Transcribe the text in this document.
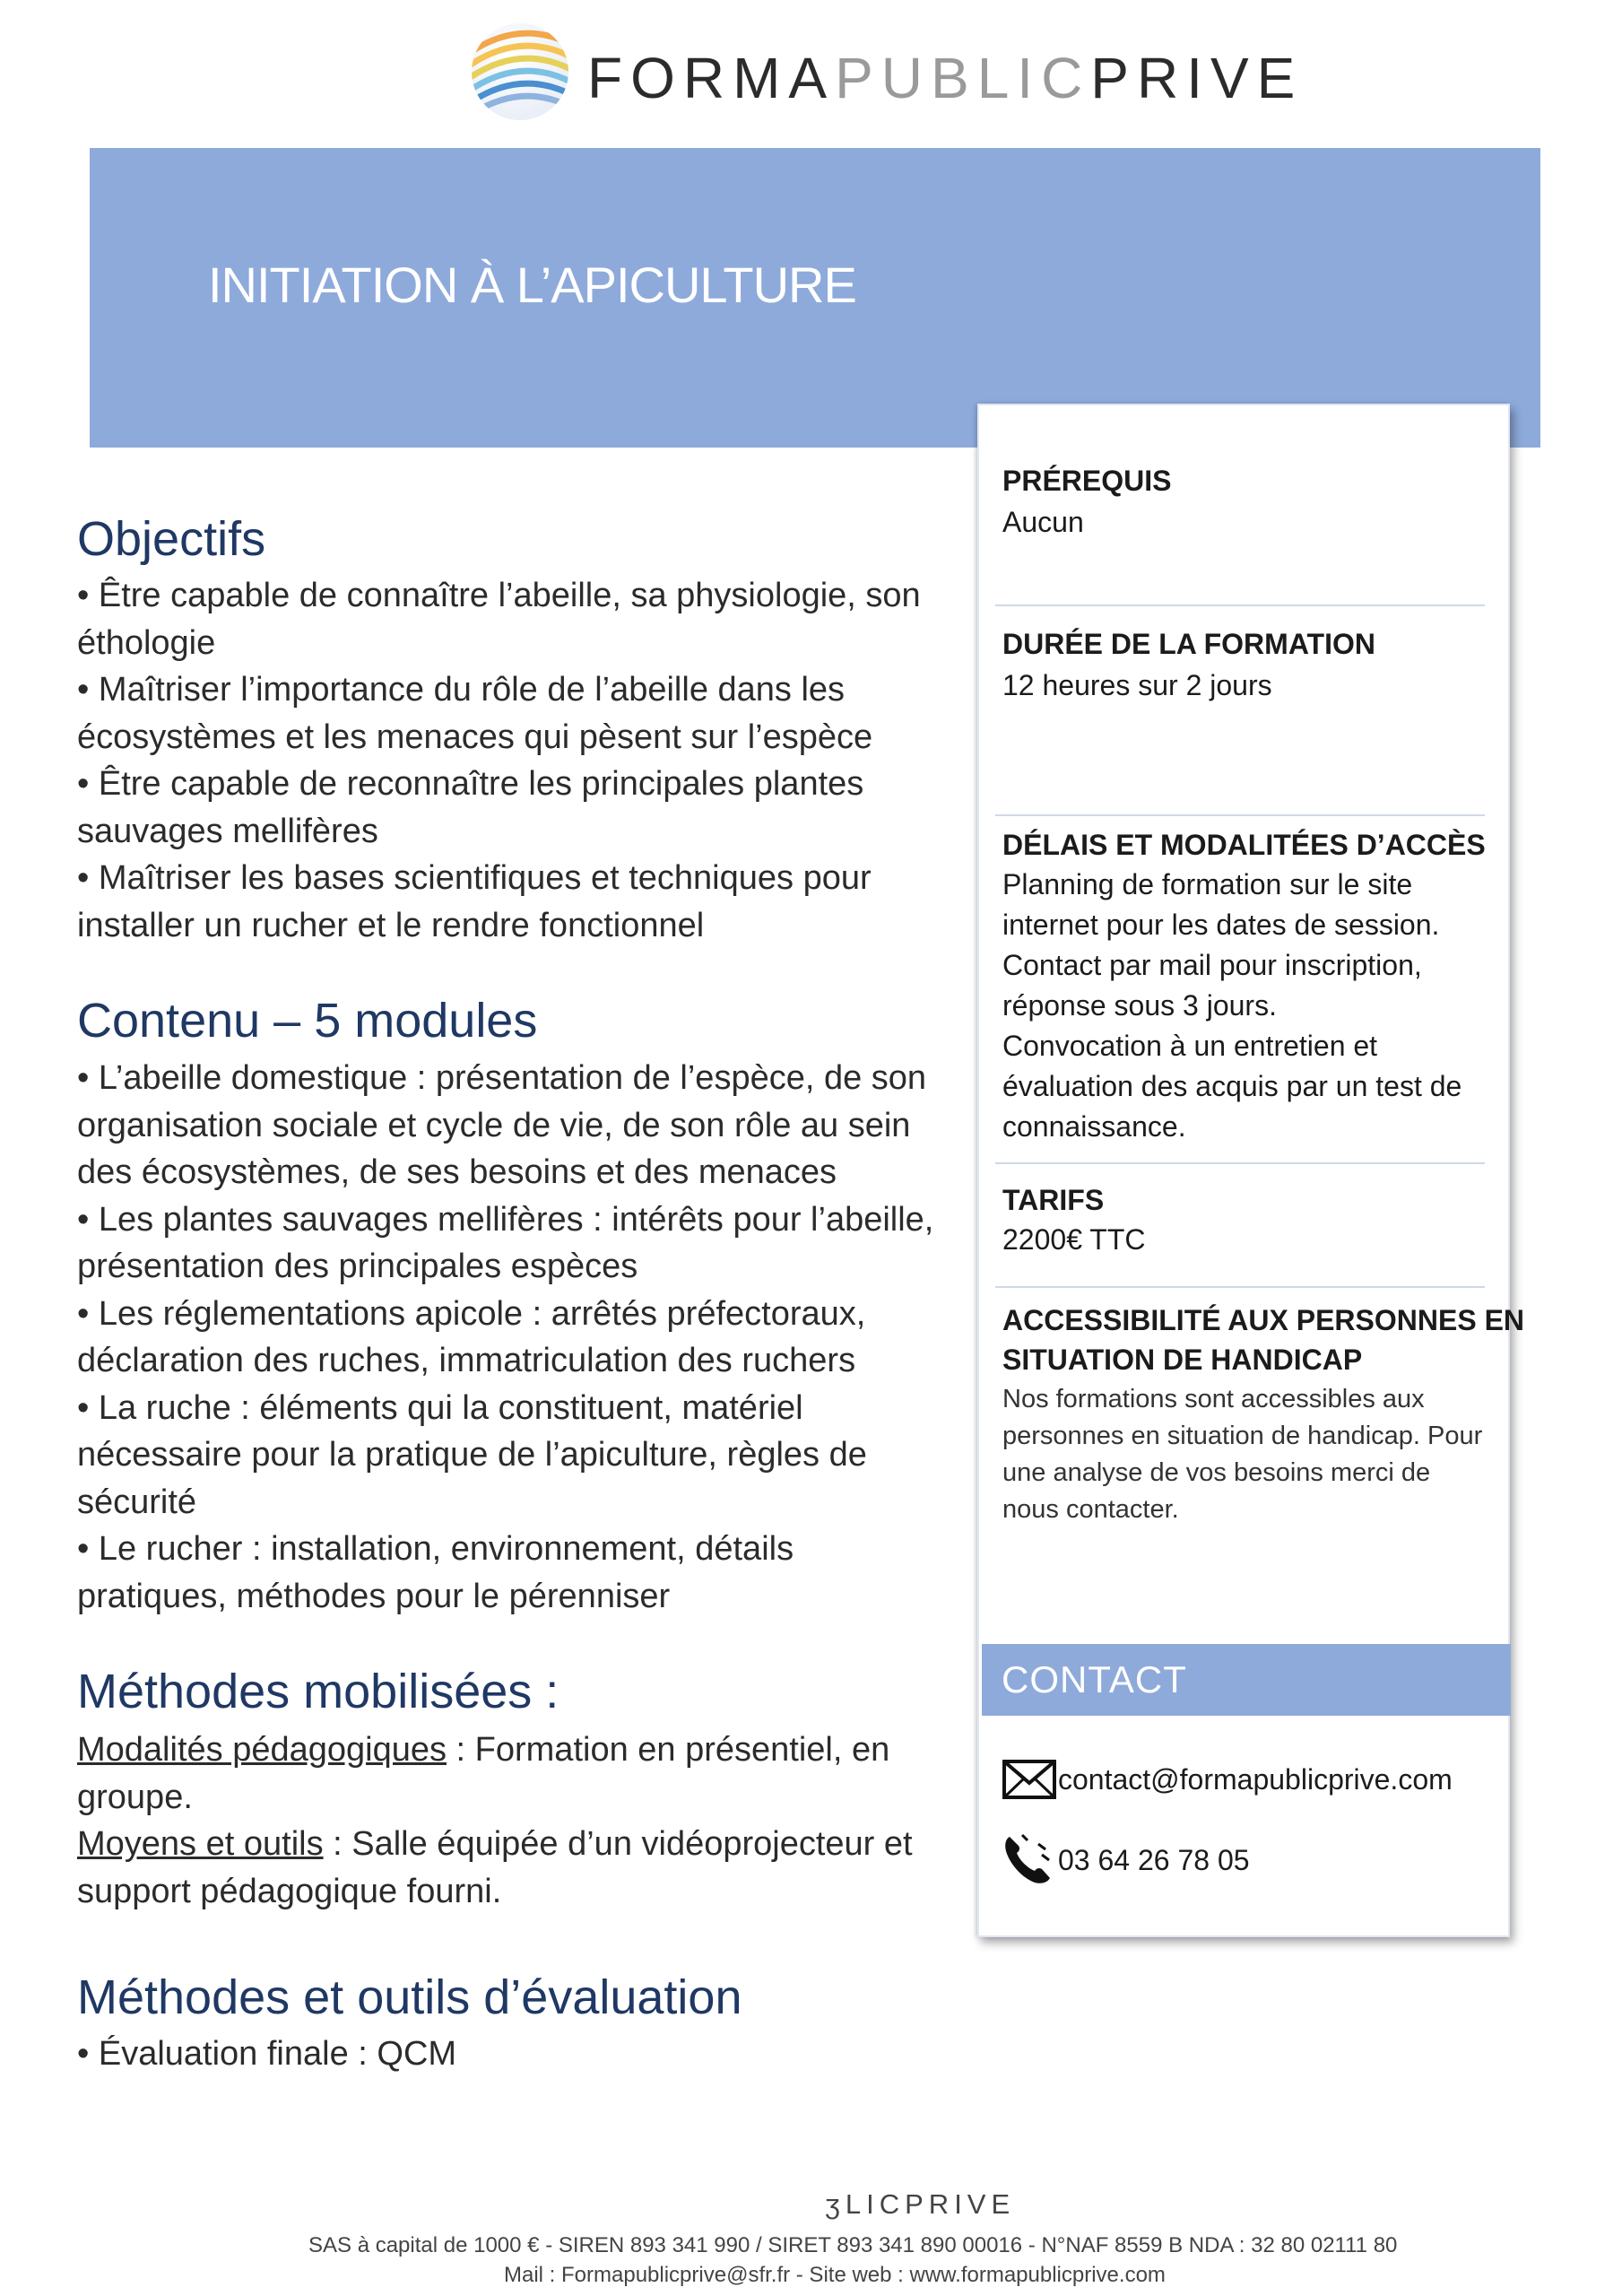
FORMAPUBLICPRIVE
INITIATION À L’APICULTURE
Objectifs

• Être capable de connaître l’abeille, sa physiologie, son éthologie

• Maîtriser l’importance du rôle de l’abeille dans les écosystèmes et les menaces qui pèsent sur l’espèce

• Être capable de reconnaître les principales plantes sauvages mellifères

• Maîtriser les bases scientifiques et techniques pour installer un rucher et le rendre fonctionnel

Contenu – 5 modules

• L’abeille domestique : présentation de l’espèce, de son organisation sociale et cycle de vie, de son rôle au sein des écosystèmes, de ses besoins et des menaces

• Les plantes sauvages mellifères : intérêts pour l’abeille, présentation des principales espèces

• Les réglementations apicole : arrêtés préfectoraux, déclaration des ruches, immatriculation des ruchers

• La ruche : éléments qui la constituent, matériel nécessaire pour la pratique de l’apiculture, règles de sécurité

• Le rucher : installation, environnement, détails pratiques, méthodes pour le pérenniser

Méthodes mobilisées :

Modalités pédagogiques : Formation en présentiel, en groupe.

Moyens et outils : Salle équipée d’un vidéoprojecteur et support pédagogique fourni.

Méthodes et outils d’évaluation
• Évaluation finale : QCM
PRÉREQUIS
Aucun
DURÉE DE LA FORMATION
12 heures sur 2 jours
DÉLAIS ET MODALITÉES D’ACCÈS
Planning de formation sur le site internet pour les dates de session.
Contact par mail pour inscription, réponse sous 3 jours.
Convocation à un entretien et évaluation des acquis par un test de connaissance.
TARIFS
2200€ TTC
ACCESSIBILITÉ AUX PERSONNES EN
SITUATION DE HANDICAP
Nos formations sont accessibles aux personnes en situation de handicap. Pour une analyse de vos besoins merci de nous contacter.
contact@formapublicprive.com
03 64 26 78 05
CONTACT
ʒLICPRIVE
SAS à capital de 1000 € - SIREN 893 341 990 / SIRET 893 341 890 00016 - N°NAF 8559 B NDA : 32 80 02111 80
Mail : Formapublicprive@sfr.fr - Site web : www.formapublicprive.com
